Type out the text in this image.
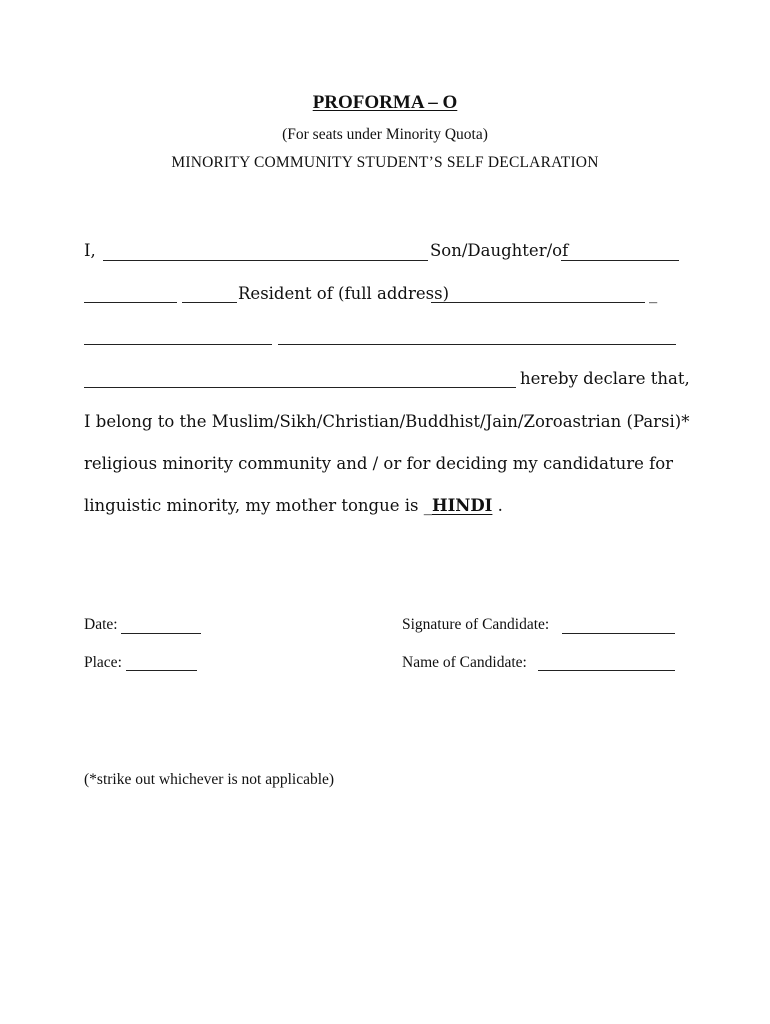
PROFORMA – O
(For seats under Minority Quota)
MINORITY COMMUNITY STUDENT’S SELF DECLARATION
I,	Son/Daughter/of
Resident of (full address)	_
hereby declare that,
I belong to the Muslim/Sikh/Christian/Buddhist/Jain/Zoroastrian (Parsi)*
religious minority community and / or for deciding my candidature for
linguistic minority, my mother tongue is _HINDI .
Date:	Signature of Candidate:
Place:	Name of Candidate:
(*strike out whichever is not applicable)
